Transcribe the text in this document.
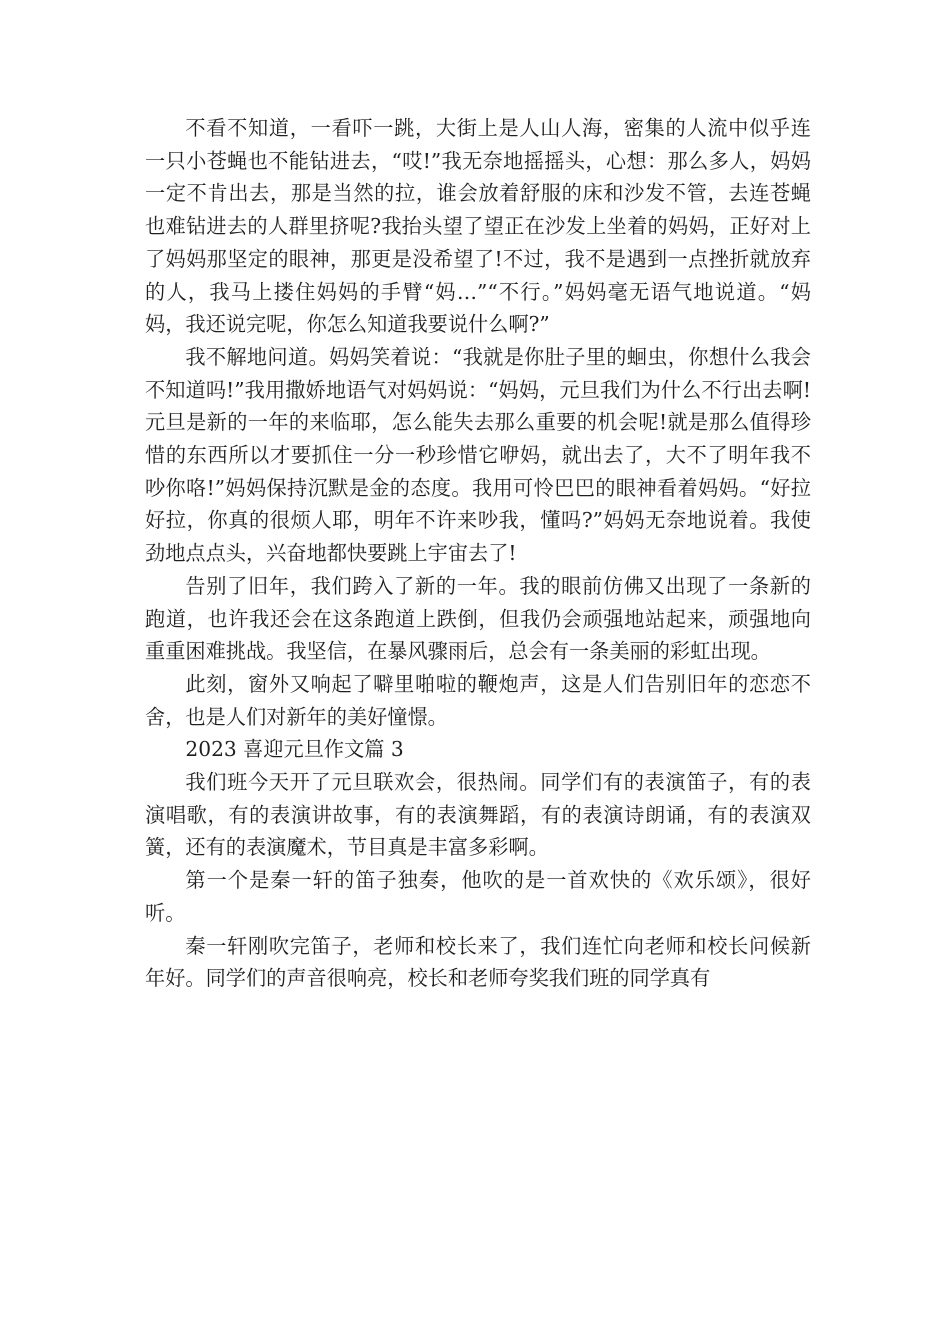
不看不知道，一看吓一跳，大街上是人山人海，密集的人流中似乎连一只小苍蝇也不能钻进去，“哎!”我无奈地摇摇头，心想：那么多人，妈妈一定不肯出去，那是当然的拉，谁会放着舒服的床和沙发不管，去连苍蝇也难钻进去的人群里挤呢?我抬头望了望正在沙发上坐着的妈妈，正好对上了妈妈那坚定的眼神，那更是没希望了!不过，我不是遇到一点挫折就放弃的人，我马上搂住妈妈的手臂“妈…”“不行。”妈妈毫无语气地说道。“妈妈，我还说完呢，你怎么知道我要说什么啊?”

我不解地问道。妈妈笑着说：“我就是你肚子里的蛔虫，你想什么我会不知道吗!”我用撒娇地语气对妈妈说：“妈妈，元旦我们为什么不行出去啊!元旦是新的一年的来临耶，怎么能失去那么重要的机会呢!就是那么值得珍惜的东西所以才要抓住一分一秒珍惜它咿妈，就出去了，大不了明年我不吵你咯!”妈妈保持沉默是金的态度。我用可怜巴巴的眼神看着妈妈。“好拉好拉，你真的很烦人耶，明年不许来吵我，懂吗?”妈妈无奈地说着。我使劲地点点头，兴奋地都快要跳上宇宙去了!

告别了旧年，我们跨入了新的一年。我的眼前仿佛又出现了一条新的跑道，也许我还会在这条跑道上跌倒，但我仍会顽强地站起来，顽强地向重重困难挑战。我坚信，在暴风骤雨后，总会有一条美丽的彩虹出现。

此刻，窗外又响起了噼里啪啦的鞭炮声，这是人们告别旧年的恋恋不舍，也是人们对新年的美好憧憬。

2023 喜迎元旦作文篇 3

我们班今天开了元旦联欢会，很热闹。同学们有的表演笛子，有的表演唱歌，有的表演讲故事，有的表演舞蹈，有的表演诗朗诵，有的表演双簧，还有的表演魔术，节目真是丰富多彩啊。

第一个是秦一轩的笛子独奏，他吹的是一首欢快的《欢乐颂》，很好听。

秦一轩刚吹完笛子，老师和校长来了，我们连忙向老师和校长问候新年好。同学们的声音很响亮，校长和老师夸奖我们班的同学真有
